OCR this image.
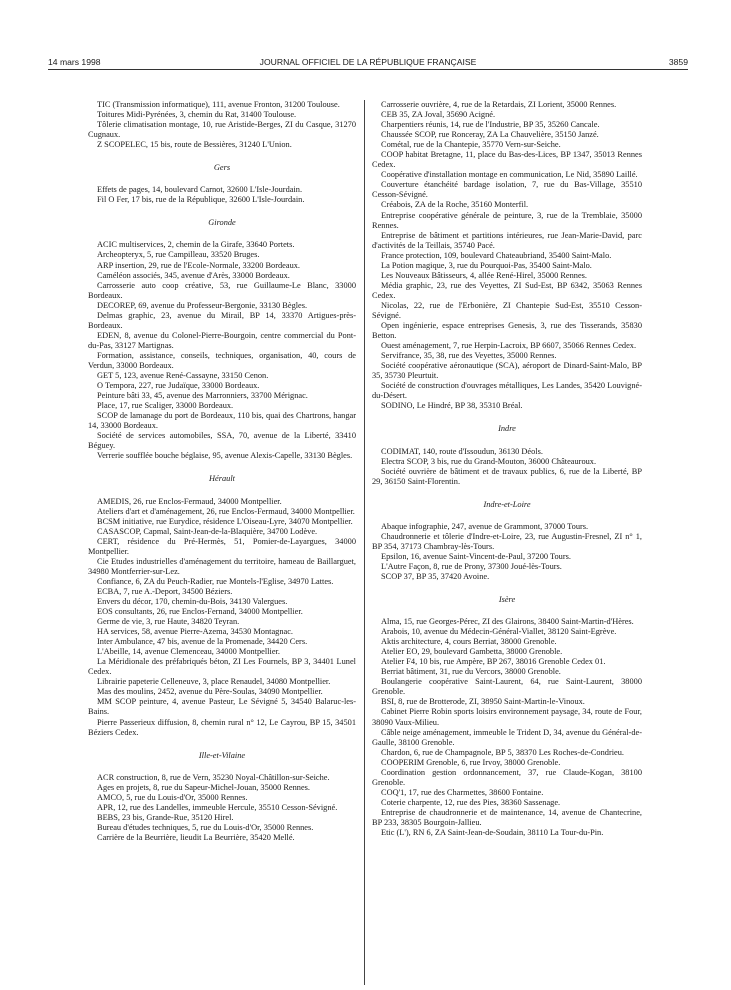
14 mars 1998	JOURNAL OFFICIEL DE LA RÉPUBLIQUE FRANÇAISE	3859

TIC (Transmission informatique), 111, avenue Fronton, 31200 Toulouse.

Toitures Midi-Pyrénées, 3, chemin du Rat, 31400 Toulouse.

Tôlerie climatisation montage, 10, rue Aristide-Berges, ZI du Casque, 31270 Cugnaux.

Z SCOPELEC, 15 bis, route de Bessières, 31240 L'Union.

Gers

Effets de pages, 14, boulevard Carnot, 32600 L'Isle-Jourdain.

Fil O Fer, 17 bis, rue de la République, 32600 L'Isle-Jourdain.

Gironde

ACIC multiservices, 2, chemin de la Girafe, 33640 Portets.

Archeopteryx, 5, rue Campilleau, 33520 Bruges.

ARP insertion, 29, rue de l'Ecole-Normale, 33200 Bordeaux.

Caméléon associés, 345, avenue d'Arès, 33000 Bordeaux.

Carrosserie auto coop créative, 53, rue Guillaume-Le Blanc, 33000 Bordeaux.

DECOREP, 69, avenue du Professeur-Bergonie, 33130 Bègles.

Delmas graphic, 23, avenue du Mirail, BP 14, 33370 Artigues-près-Bordeaux.

EDEN, 8, avenue du Colonel-Pierre-Bourgoin, centre commercial du Pont-du-Pas, 33127 Martignas.

Formation, assistance, conseils, techniques, organisation, 40, cours de Verdun, 33000 Bordeaux.

GET 5, 123, avenue René-Cassayne, 33150 Cenon.

O Tempora, 227, rue Judaïque, 33000 Bordeaux.

Peinture bâti 33, 45, avenue des Marronniers, 33700 Mérignac.

Place, 17, rue Scaliger, 33000 Bordeaux.

SCOP de lamanage du port de Bordeaux, 110 bis, quai des Chartrons, hangar 14, 33000 Bordeaux.

Société de services automobiles, SSA, 70, avenue de la Liberté, 33410 Béguey.

Verrerie soufflée bouche béglaise, 95, avenue Alexis-Capelle, 33130 Bègles.

Hérault

AMEDIS, 26, rue Enclos-Fermaud, 34000 Montpellier.

Ateliers d'art et d'aménagement, 26, rue Enclos-Fermaud, 34000 Montpellier.

BCSM initiative, rue Eurydice, résidence L'Oiseau-Lyre, 34070 Montpellier.

CASASCOP, Capmal, Saint-Jean-de-la-Blaquière, 34700 Lodève.

CERT, résidence du Pré-Hermès, 51, Pomier-de-Layargues, 34000 Montpellier.

Cie Etudes industrielles d'aménagement du territoire, hameau de Baillarguet, 34980 Montferrier-sur-Lez.

Confiance, 6, ZA du Peuch-Radier, rue Montels-l'Eglise, 34970 Lattes.

ECBA, 7, rue A.-Deport, 34500 Béziers.

Envers du décor, 170, chemin-du-Bois, 34130 Valergues.

EOS consultants, 26, rue Enclos-Fernand, 34000 Montpellier.

Germe de vie, 3, rue Haute, 34820 Teyran.

HA services, 58, avenue Pierre-Azema, 34530 Montagnac.

Inter Ambulance, 47 bis, avenue de la Promenade, 34420 Cers.

L'Abeille, 14, avenue Clemenceau, 34000 Montpellier.

La Méridionale des préfabriqués béton, ZI Les Fournels, BP 3, 34401 Lunel Cedex.

Librairie papeterie Celleneuve, 3, place Renaudel, 34080 Montpellier.

Mas des moulins, 2452, avenue du Père-Soulas, 34090 Montpellier.

MM SCOP peinture, 4, avenue Pasteur, Le Sévigné 5, 34540 Balaruc-les-Bains.

Pierre Passerieux diffusion, 8, chemin rural n° 12, Le Cayrou, BP 15, 34501 Béziers Cedex.

Ille-et-Vilaine

ACR construction, 8, rue de Vern, 35230 Noyal-Châtillon-sur-Seiche.

Ages en projets, 8, rue du Sapeur-Michel-Jouan, 35000 Rennes.

AMCO, 5, rue du Louis-d'Or, 35000 Rennes.

APR, 12, rue des Landelles, immeuble Hercule, 35510 Cesson-Sévigné.

BEBS, 23 bis, Grande-Rue, 35120 Hirel.

Bureau d'études techniques, 5, rue du Louis-d'Or, 35000 Rennes.

Carrière de la Beurrière, lieudit La Beurrière, 35420 Mellé.

Carrosserie ouvrière, 4, rue de la Retardais, ZI Lorient, 35000 Rennes.

CEB 35, ZA Joval, 35690 Acigné.

Charpentiers réunis, 14, rue de l'Industrie, BP 35, 35260 Cancale.

Chaussée SCOP, rue Ronceray, ZA La Chauvelière, 35150 Janzé.

Cométal, rue de la Chantepie, 35770 Vern-sur-Seiche.

COOP habitat Bretagne, 11, place du Bas-des-Lices, BP 1347, 35013 Rennes Cedex.

Coopérative d'installation montage en communication, Le Nid, 35890 Laillé.

Couverture étanchéité bardage isolation, 7, rue du Bas-Village, 35510 Cesson-Sévigné.

Créabois, ZA de la Roche, 35160 Monterfil.

Entreprise coopérative générale de peinture, 3, rue de la Tremblaie, 35000 Rennes.

Entreprise de bâtiment et partitions intérieures, rue Jean-Marie-David, parc d'activités de la Teillais, 35740 Pacé.

France protection, 109, boulevard Chateaubriand, 35400 Saint-Malo.

La Potion magique, 3, rue du Pourquoi-Pas, 35400 Saint-Malo.

Les Nouveaux Bâtisseurs, 4, allée René-Hirel, 35000 Rennes.

Média graphic, 23, rue des Veyettes, ZI Sud-Est, BP 6342, 35063 Rennes Cedex.

Nicolas, 22, rue de l'Erbonière, ZI Chantepie Sud-Est, 35510 Cesson-Sévigné.

Open ingénierie, espace entreprises Genesis, 3, rue des Tisserands, 35830 Betton.

Ouest aménagement, 7, rue Herpin-Lacroix, BP 6607, 35066 Rennes Cedex.

Servifrance, 35, 38, rue des Veyettes, 35000 Rennes.

Société coopérative aéronautique (SCA), aéroport de Dinard-Saint-Malo, BP 35, 35730 Pleurtuit.

Société de construction d'ouvrages métalliques, Les Landes, 35420 Louvigné-du-Désert.

SODINO, Le Hindré, BP 38, 35310 Bréal.

Indre

CODIMAT, 140, route d'Issoudun, 36130 Déols.

Electra SCOP, 3 bis, rue du Grand-Mouton, 36000 Châteauroux.

Société ouvrière de bâtiment et de travaux publics, 6, rue de la Liberté, BP 29, 36150 Saint-Florentin.

Indre-et-Loire

Abaque infographie, 247, avenue de Grammont, 37000 Tours.

Chaudronnerie et tôlerie d'Indre-et-Loire, 23, rue Augustin-Fresnel, ZI n° 1, BP 354, 37173 Chambray-lès-Tours.

Epsilon, 16, avenue Saint-Vincent-de-Paul, 37200 Tours.

L'Autre Façon, 8, rue de Prony, 37300 Joué-lès-Tours.

SCOP 37, BP 35, 37420 Avoine.

Isère

Alma, 15, rue Georges-Pérec, ZI des Glairons, 38400 Saint-Martin-d'Hères.

Arabois, 10, avenue du Médecin-Général-Viallet, 38120 Saint-Egrève.

Aktis architecture, 4, cours Berriat, 38000 Grenoble.

Atelier EO, 29, boulevard Gambetta, 38000 Grenoble.

Atelier F4, 10 bis, rue Ampère, BP 267, 38016 Grenoble Cedex 01.

Berriat bâtiment, 31, rue du Vercors, 38000 Grenoble.

Boulangerie coopérative Saint-Laurent, 64, rue Saint-Laurent, 38000 Grenoble.

BSI, 8, rue de Brotterode, ZI, 38950 Saint-Martin-le-Vinoux.

Cabinet Pierre Robin sports loisirs environnement paysage, 34, route de Four, 38090 Vaux-Milieu.

Câble neige aménagement, immeuble le Trident D, 34, avenue du Général-de-Gaulle, 38100 Grenoble.

Chardon, 6, rue de Champagnole, BP 5, 38370 Les Roches-de-Condrieu.

COOPERIM Grenoble, 6, rue Irvoy, 38000 Grenoble.

Coordination gestion ordonnancement, 37, rue Claude-Kogan, 38100 Grenoble.

COQ'1, 17, rue des Charmettes, 38600 Fontaine.

Coterie charpente, 12, rue des Pies, 38360 Sassenage.

Entreprise de chaudronnerie et de maintenance, 14, avenue de Chantecrine, BP 233, 38305 Bourgoin-Jallieu.

Etic (L'), RN 6, ZA Saint-Jean-de-Soudain, 38110 La Tour-du-Pin.
